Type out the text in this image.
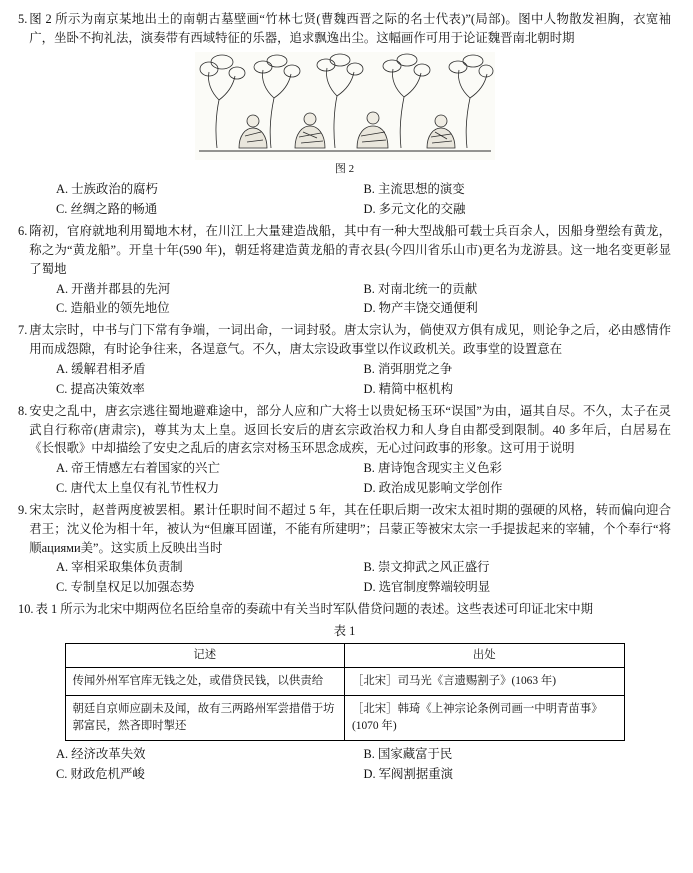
5. 图 2 所示为南京某地出土的南朝古墓壁画“竹林七贤(曹魏西晋之际的名士代表)”(局部)。图中人物散发袒胸，衣宽袖广，坐卧不拘礼法，演奏带有西域特征的乐器，追求飘逸出尘。这幅画作可用于论证魏晋南北朝时期
图 2
A. 士族政治的腐朽	B. 主流思想的演变
C. 丝绸之路的畅通	D. 多元文化的交融
6. 隋初，官府就地利用蜀地木材，在川江上大量建造战船，其中有一种大型战船可载士兵百余人，因船身塑绘有黄龙，称之为“黄龙船”。开皇十年(590 年)，朝廷将建造黄龙船的青衣县(今四川省乐山市)更名为龙游县。这一地名变更彰显了蜀地
A. 开凿并郡县的先河	B. 对南北统一的贡献
C. 造船业的领先地位	D. 物产丰饶交通便利
7. 唐太宗时，中书与门下常有争端，一词出命，一词封驳。唐太宗认为，倘使双方俱有成见，则论争之后，必由感情作用而成怨隙，有时论争往来，各逞意气。不久，唐太宗设政事堂以作议政机关。政事堂的设置意在
A. 缓解君相矛盾	B. 消弭朋党之争
C. 提高决策效率	D. 精简中枢机构
8. 安史之乱中，唐玄宗逃往蜀地避难途中，部分人应和广大将士以贵妃杨玉环“误国”为由，逼其自尽。不久，太子在灵武自行称帝(唐肃宗)，尊其为太上皇。返回长安后的唐玄宗政治权力和人身自由都受到限制。40 多年后，白居易在《长恨歌》中却描绘了安史之乱后的唐玄宗对杨玉环思念成疾，无心过问政事的形象。这可用于说明
A. 帝王情感左右着国家的兴亡	B. 唐诗饱含现实主义色彩
C. 唐代太上皇仅有礼节性权力	D. 政治成见影响文学创作
9. 宋太宗时，赵普两度被罢相。累计任职时间不超过 5 年，其在任职后期一改宋太祖时期的强硬的风格，转而偏向迎合君王；沈义伦为相十年，被认为“但廉耳固谨，不能有所建明”；吕蒙正等被宋太宗一手提拔起来的宰辅，个个奉行“将顺ациями美”。这实质上反映出当时
A. 宰相采取集体负责制	B. 崇文抑武之风正盛行
C. 专制皇权足以加强态势	D. 选官制度弊端较明显
10. 表 1 所示为北宋中期两位名臣给皇帝的奏疏中有关当时军队借贷问题的表述。这些表述可印证北宋中期
表 1
记述	出处
传闻外州军官库无钱之处，或借贷民钱，以供责给	［北宋］司马光《言遗赐割子》(1063 年)
朝廷自京师应副未及闻，故有三两路州军尝措借于坊郭富民，然吝即时掣还	［北宋］韩琦《上神宗论条例司画一中明青苗事》(1070 年)
A. 经济改革失效	B. 国家藏富于民
C. 财政危机严峻	D. 军阀割据重演
